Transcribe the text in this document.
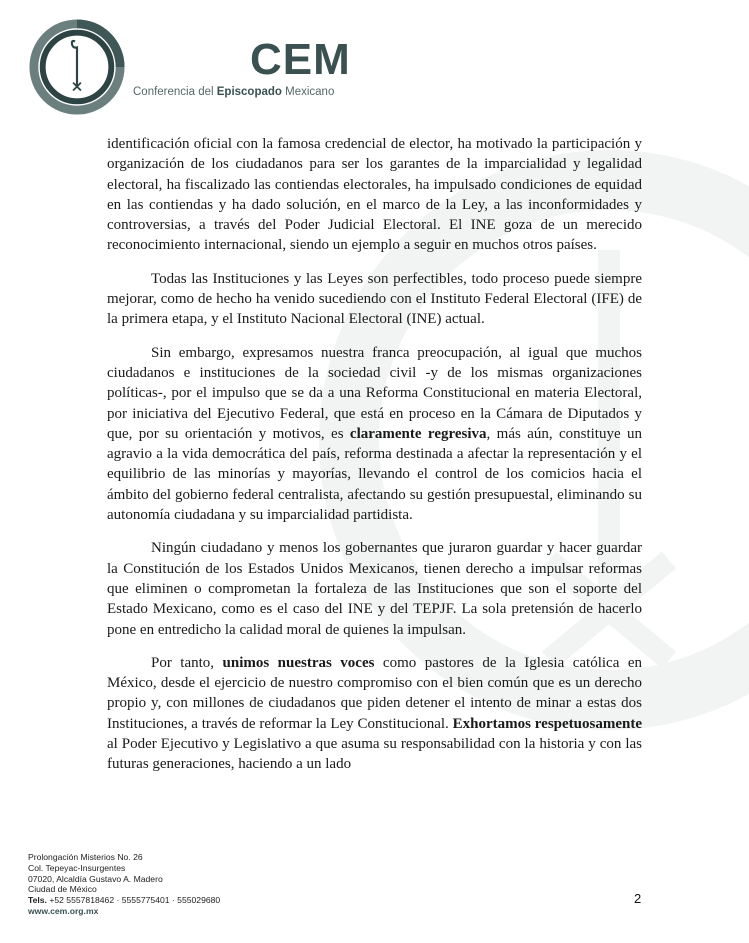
CEM
Conferencia del Episcopado Mexicano

identificación oficial con la famosa credencial de elector, ha motivado la participación y organización de los ciudadanos para ser los garantes de la imparcialidad y legalidad electoral, ha fiscalizado las contiendas electorales, ha impulsado condiciones de equidad en las contiendas y ha dado solución, en el marco de la Ley, a las inconformidades y controversias, a través del Poder Judicial Electoral. El INE goza de un merecido reconocimiento internacional, siendo un ejemplo a seguir en muchos otros países.

Todas las Instituciones y las Leyes son perfectibles, todo proceso puede siempre mejorar, como de hecho ha venido sucediendo con el Instituto Federal Electoral (IFE) de la primera etapa, y el Instituto Nacional Electoral (INE) actual.

Sin embargo, expresamos nuestra franca preocupación, al igual que muchos ciudadanos e instituciones de la sociedad civil -y de los mismas organizaciones políticas-, por el impulso que se da a una Reforma Constitucional en materia Electoral, por iniciativa del Ejecutivo Federal, que está en proceso en la Cámara de Diputados y que, por su orientación y motivos, es claramente regresiva, más aún, constituye un agravio a la vida democrática del país, reforma destinada a afectar la representación y el equilibrio de las minorías y mayorías, llevando el control de los comicios hacia el ámbito del gobierno federal centralista, afectando su gestión presupuestal, eliminando su autonomía ciudadana y su imparcialidad partidista.

Ningún ciudadano y menos los gobernantes que juraron guardar y hacer guardar la Constitución de los Estados Unidos Mexicanos, tienen derecho a impulsar reformas que eliminen o comprometan la fortaleza de las Instituciones que son el soporte del Estado Mexicano, como es el caso del INE y del TEPJF. La sola pretensión de hacerlo pone en entredicho la calidad moral de quienes la impulsan.

Por tanto, unimos nuestras voces como pastores de la Iglesia católica en México, desde el ejercicio de nuestro compromiso con el bien común que es un derecho propio y, con millones de ciudadanos que piden detener el intento de minar a estas dos Instituciones, a través de reformar la Ley Constitucional. Exhortamos respetuosamente al Poder Ejecutivo y Legislativo a que asuma su responsabilidad con la historia y con las futuras generaciones, haciendo a un lado

Prolongación Misterios No. 26
Col. Tepeyac-Insurgentes
07020, Alcaldía Gustavo A. Madero
Ciudad de México
Tels. +52 5557818462 · 5555775401 · 555029680
www.cem.org.mx
2
